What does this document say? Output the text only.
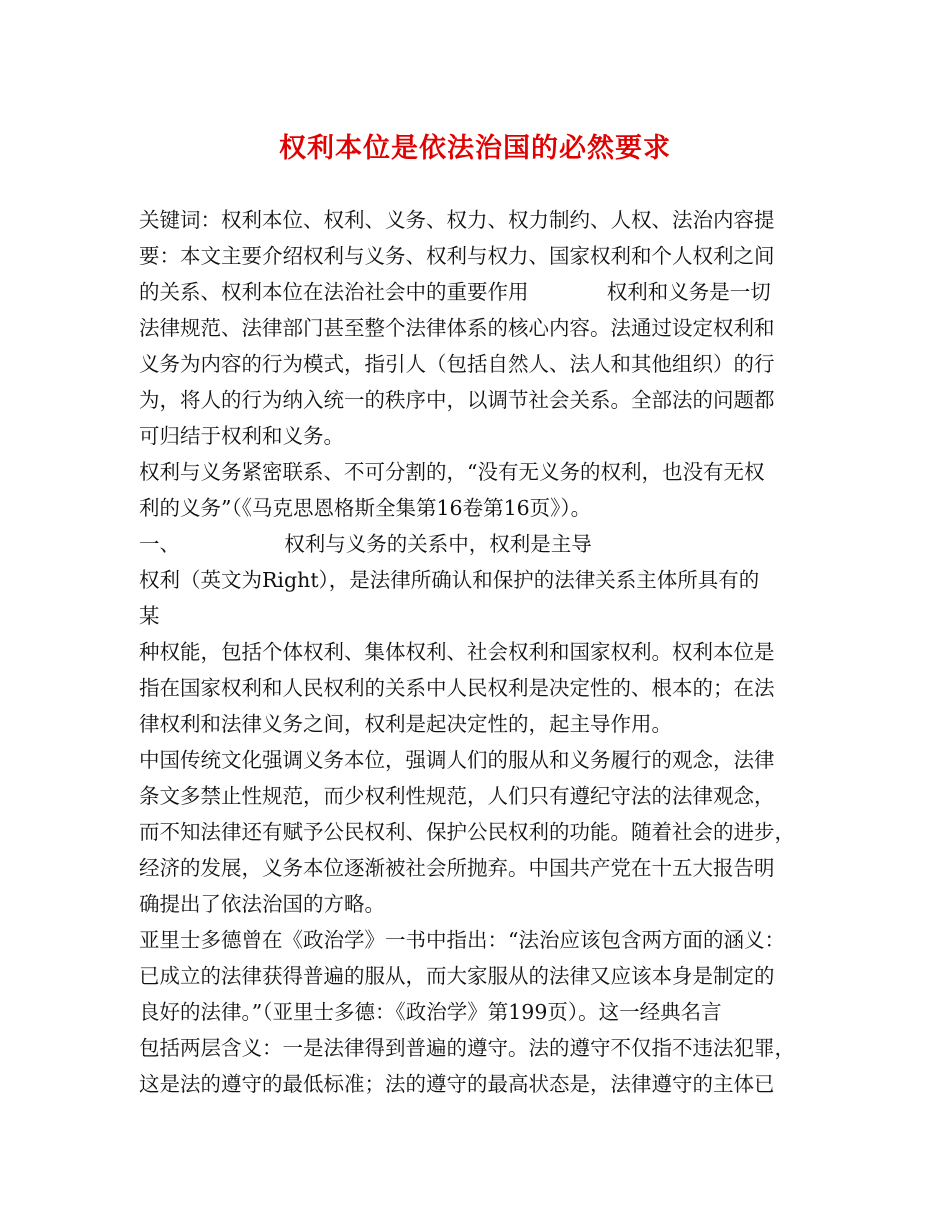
权利本位是依法治国的必然要求
关键词：权利本位、权利、义务、权力、权力制约、人权、法治内容提
要：本文主要介绍权利与义务、权利与权力、国家权利和个人权利之间
的关系、权利本位在法治社会中的重要作用            权利和义务是一切
法律规范、法律部门甚至整个法律体系的核心内容。法通过设定权利和
义务为内容的行为模式，指引人（包括自然人、法人和其他组织）的行
为，将人的行为纳入统一的秩序中，以调节社会关系。全部法的问题都
可归结于权利和义务。
权利与义务紧密联系、不可分割的，“没有无义务的权利，也没有无权
利的义务”（《马克思恩格斯全集第16卷第16页》）。
一、                权利与义务的关系中，权利是主导
权利（英文为Right），是法律所确认和保护的法律关系主体所具有的
某
种权能，包括个体权利、集体权利、社会权利和国家权利。权利本位是
指在国家权利和人民权利的关系中人民权利是决定性的、根本的；在法
律权利和法律义务之间，权利是起决定性的，起主导作用。
中国传统文化强调义务本位，强调人们的服从和义务履行的观念，法律
条文多禁止性规范，而少权利性规范，人们只有遵纪守法的法律观念，
而不知法律还有赋予公民权利、保护公民权利的功能。随着社会的进步，
经济的发展，义务本位逐渐被社会所抛弃。中国共产党在十五大报告明
确提出了依法治国的方略。
亚里士多德曾在《政治学》一书中指出：“法治应该包含两方面的涵义：
已成立的法律获得普遍的服从，而大家服从的法律又应该本身是制定的
良好的法律。”（亚里士多德：《政治学》第199页）。这一经典名言
包括两层含义：一是法律得到普遍的遵守。法的遵守不仅指不违法犯罪，
这是法的遵守的最低标准；法的遵守的最高状态是，法律遵守的主体已
